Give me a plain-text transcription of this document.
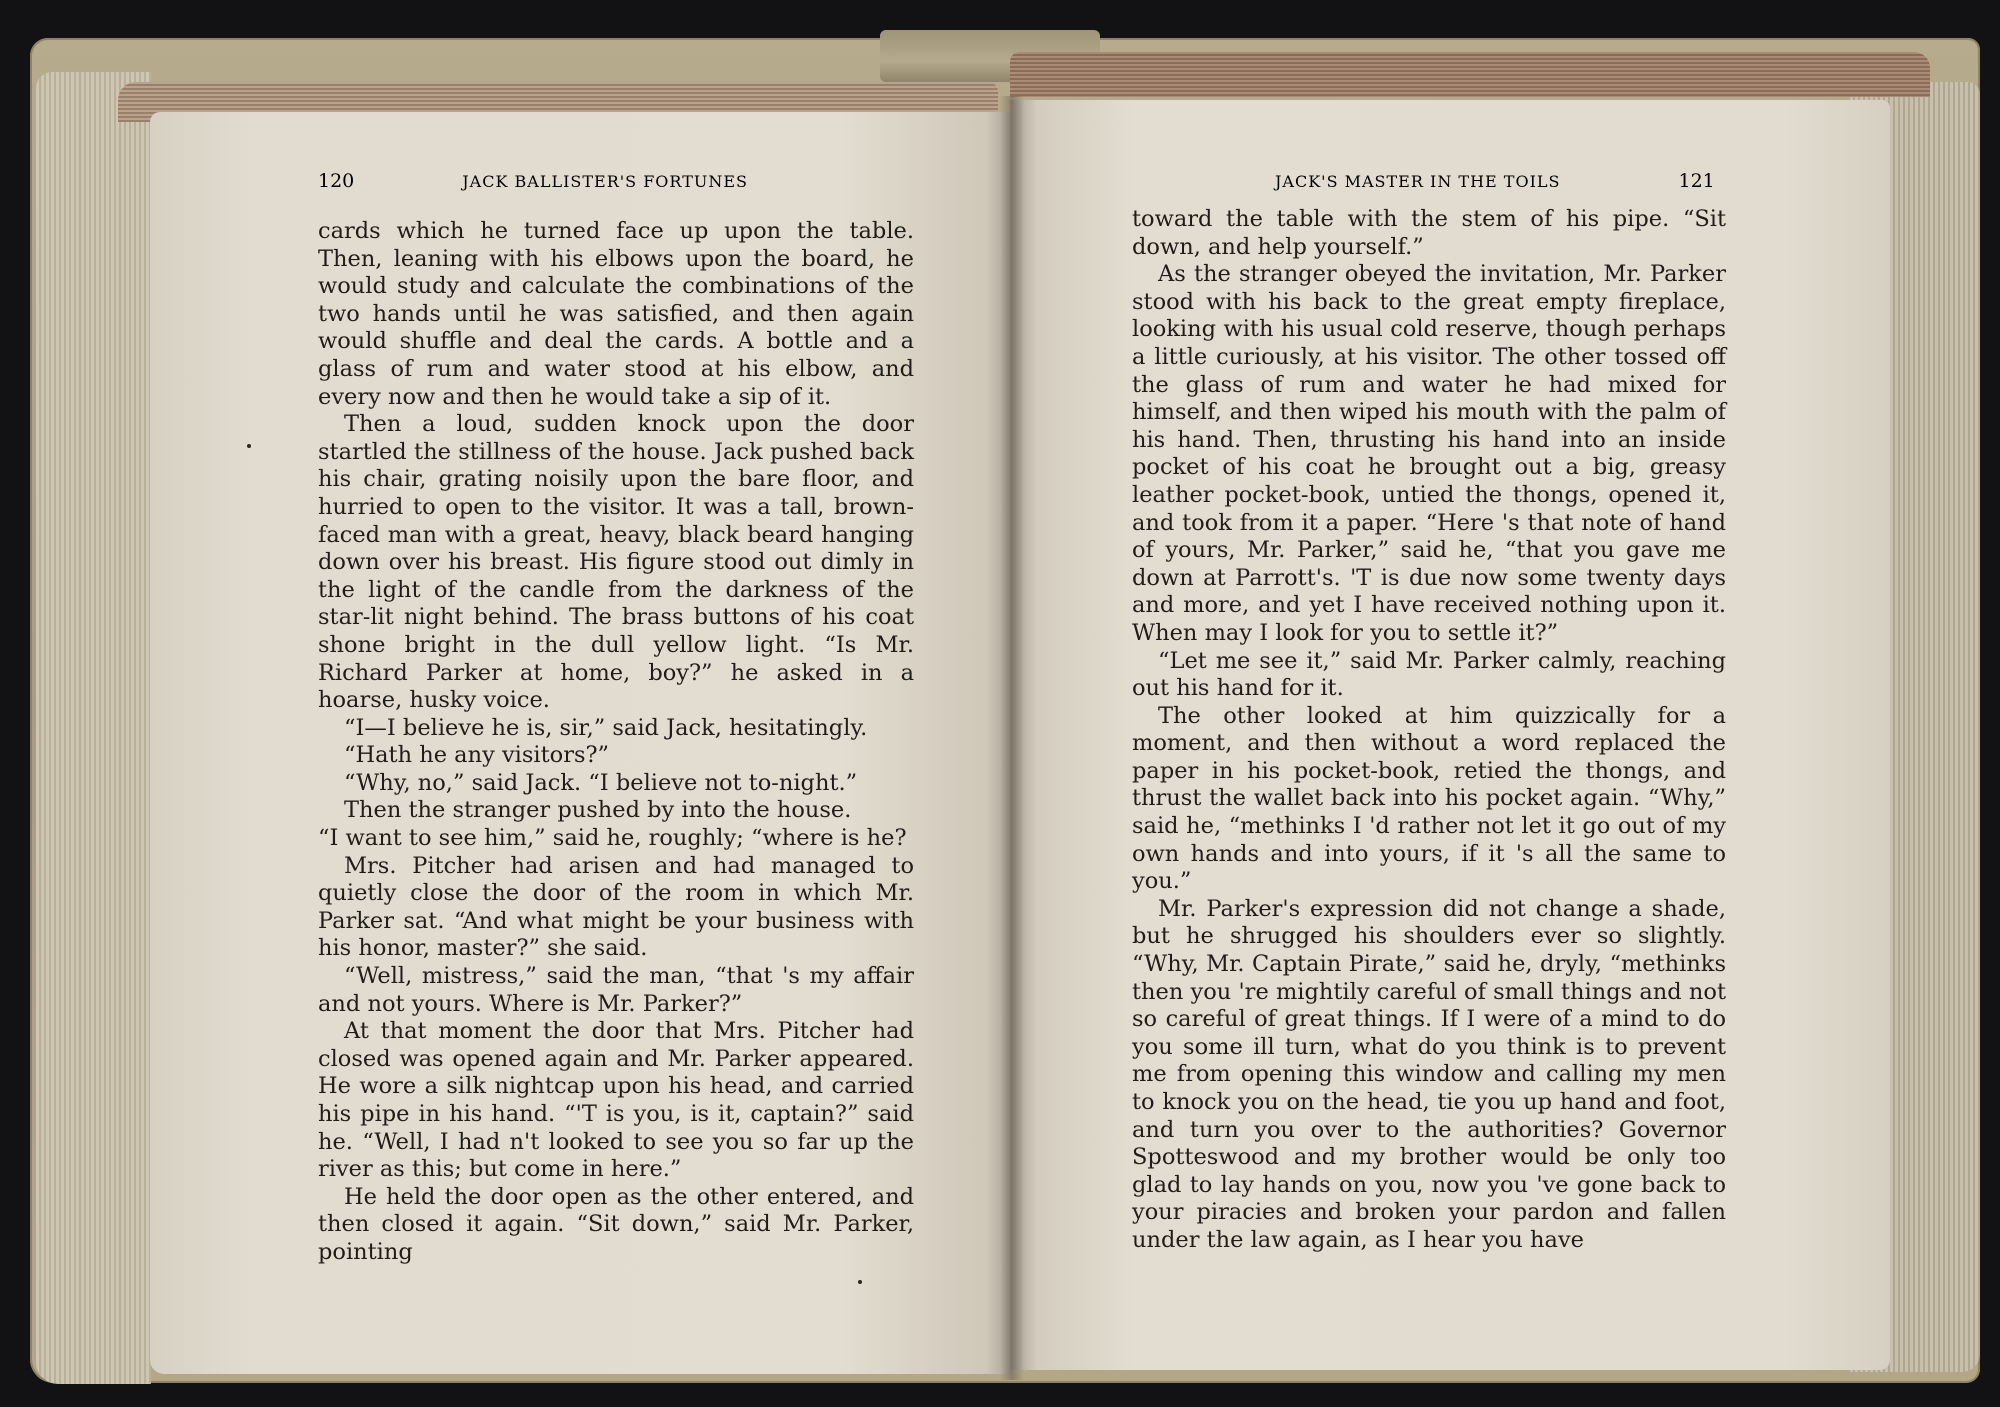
120	JACK BALLISTER'S FORTUNES	JACK'S MASTER IN THE TOILS	121

cards which he turned face up upon the table. Then, leaning with his elbows upon the board, he would study and calculate the combinations of the two hands until he was satisfied, and then again would shuffle and deal the cards. A bottle and a glass of rum and water stood at his elbow, and every now and then he would take a sip of it.

Then a loud, sudden knock upon the door startled the stillness of the house. Jack pushed back his chair, grating noisily upon the bare floor, and hurried to open to the visitor. It was a tall, brown-faced man with a great, heavy, black beard hanging down over his breast. His figure stood out dimly in the light of the candle from the darkness of the star-lit night behind. The brass buttons of his coat shone bright in the dull yellow light. “Is Mr. Richard Parker at home, boy?” he asked in a hoarse, husky voice.

“I—I believe he is, sir,” said Jack, hesitatingly.

“Hath he any visitors?”

“Why, no,” said Jack. “I believe not to-night.”

Then the stranger pushed by into the house.

“I want to see him,” said he, roughly; “where is he?

Mrs. Pitcher had arisen and had managed to quietly close the door of the room in which Mr. Parker sat. “And what might be your business with his honor, master?” she said.

“Well, mistress,” said the man, “that 's my affair and not yours. Where is Mr. Parker?”

At that moment the door that Mrs. Pitcher had closed was opened again and Mr. Parker appeared. He wore a silk nightcap upon his head, and carried his pipe in his hand. “'T is you, is it, captain?” said he. “Well, I had n't looked to see you so far up the river as this; but come in here.”

He held the door open as the other entered, and then closed it again. “Sit down,” said Mr. Parker, pointing

toward the table with the stem of his pipe. “Sit down, and help yourself.”

As the stranger obeyed the invitation, Mr. Parker stood with his back to the great empty fireplace, looking with his usual cold reserve, though perhaps a little curiously, at his visitor. The other tossed off the glass of rum and water he had mixed for himself, and then wiped his mouth with the palm of his hand. Then, thrusting his hand into an inside pocket of his coat he brought out a big, greasy leather pocket-book, untied the thongs, opened it, and took from it a paper. “Here 's that note of hand of yours, Mr. Parker,” said he, “that you gave me down at Parrott's. 'T is due now some twenty days and more, and yet I have received nothing upon it. When may I look for you to settle it?”

“Let me see it,” said Mr. Parker calmly, reaching out his hand for it.

The other looked at him quizzically for a moment, and then without a word replaced the paper in his pocket-book, retied the thongs, and thrust the wallet back into his pocket again. “Why,” said he, “methinks I 'd rather not let it go out of my own hands and into yours, if it 's all the same to you.”

Mr. Parker's expression did not change a shade, but he shrugged his shoulders ever so slightly. “Why, Mr. Captain Pirate,” said he, dryly, “methinks then you 're mightily careful of small things and not so careful of great things. If I were of a mind to do you some ill turn, what do you think is to prevent me from opening this window and calling my men to knock you on the head, tie you up hand and foot, and turn you over to the authorities? Governor Spotteswood and my brother would be only too glad to lay hands on you, now you 've gone back to your piracies and broken your pardon and fallen under the law again, as I hear you have
